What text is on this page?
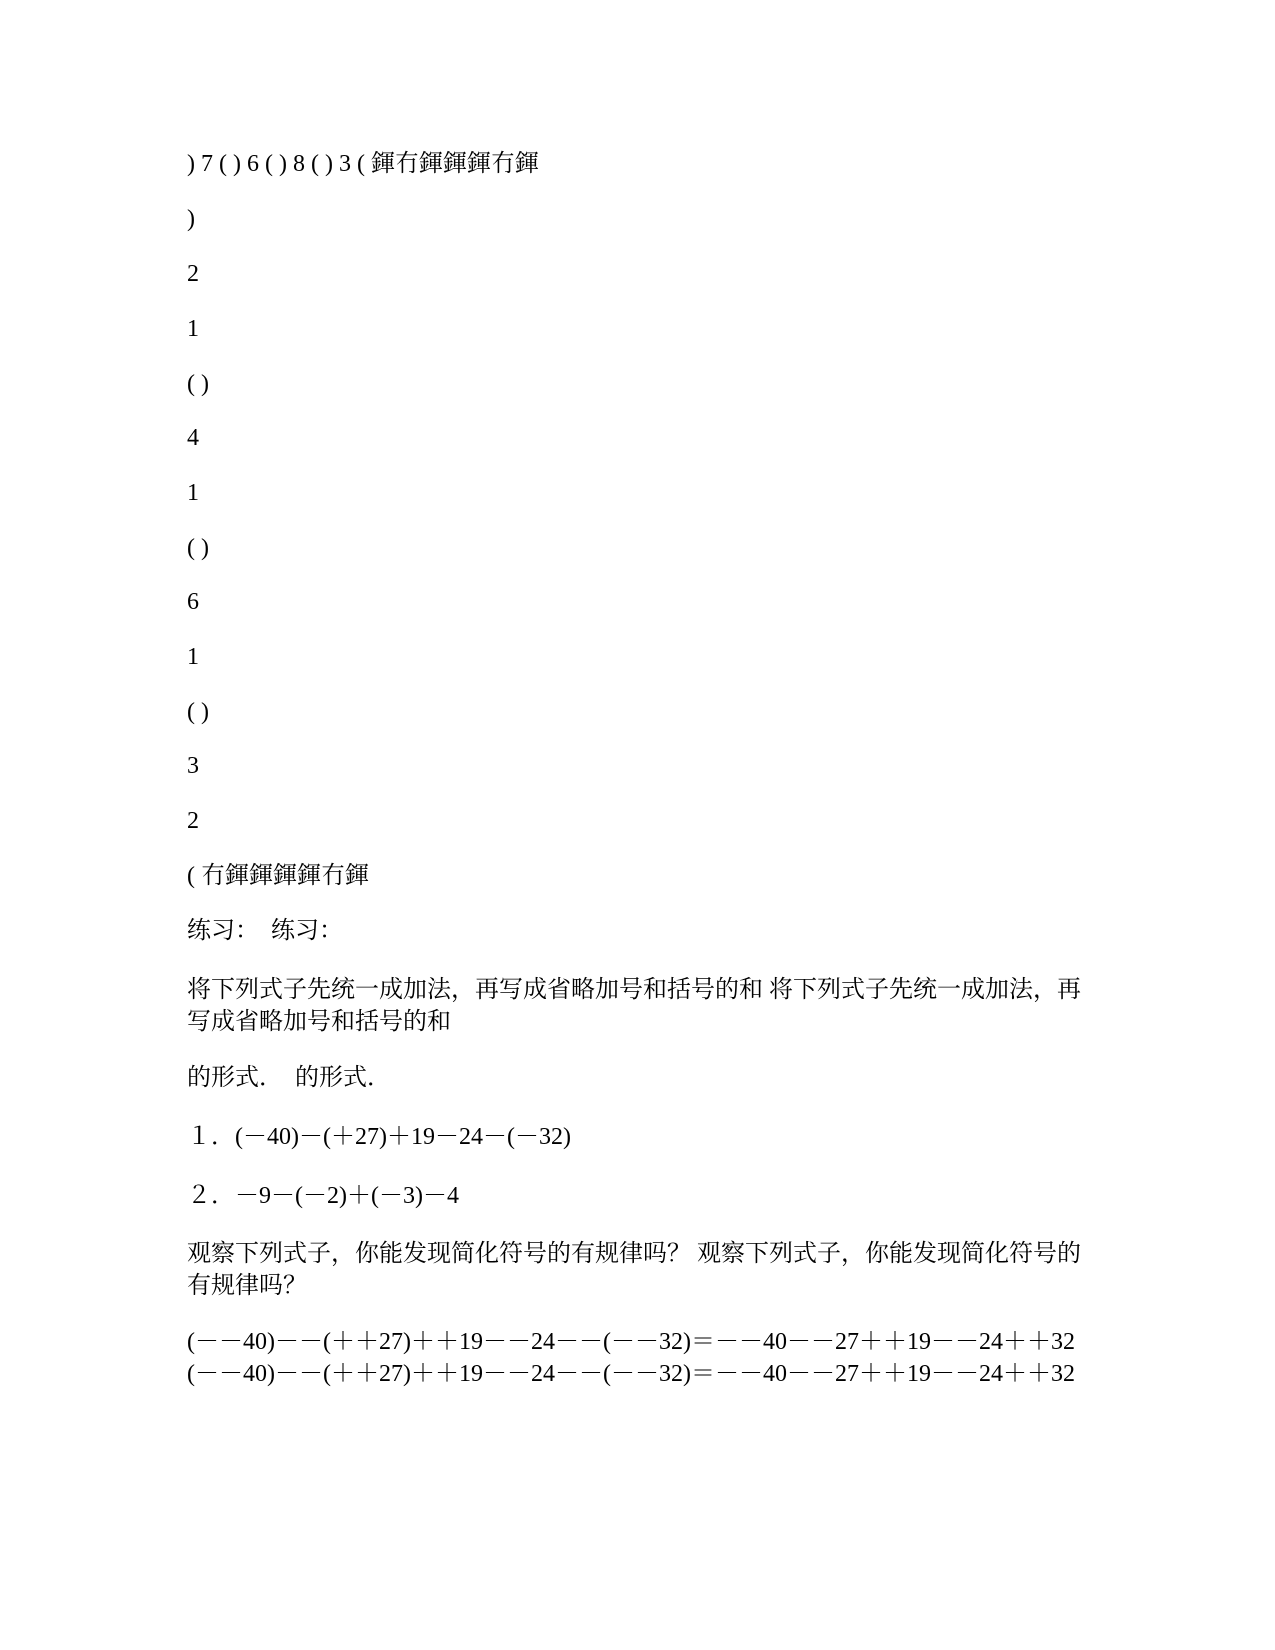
) 7 ( ) 6 ( ) 8 ( ) 3 ( 鍕冇鍕鍕鍕冇鍕

)

2

1

( )

4

1

( )

6

1

( )

3

2

( 冇鍕鍕鍕鍕冇鍕

练习：  练习：

将下列式子先统一成加法，再写成省略加号和括号的和 将下列式子先统一成加法，再写成省略加号和括号的和

的形式．  的形式．

１．(－40)－(＋27)＋19－24－(－32)

２．－9－(－2)＋(－3)－4

观察下列式子，你能发现简化符号的有规律吗？ 观察下列式子，你能发现简化符号的有规律吗？

(－－40)－－(＋＋27)＋＋19－－24－－(－－32)＝－－40－－27＋＋19－－24＋＋32 (－－40)－－(＋＋27)＋＋19－－24－－(－－32)＝－－40－－27＋＋19－－24＋＋32
